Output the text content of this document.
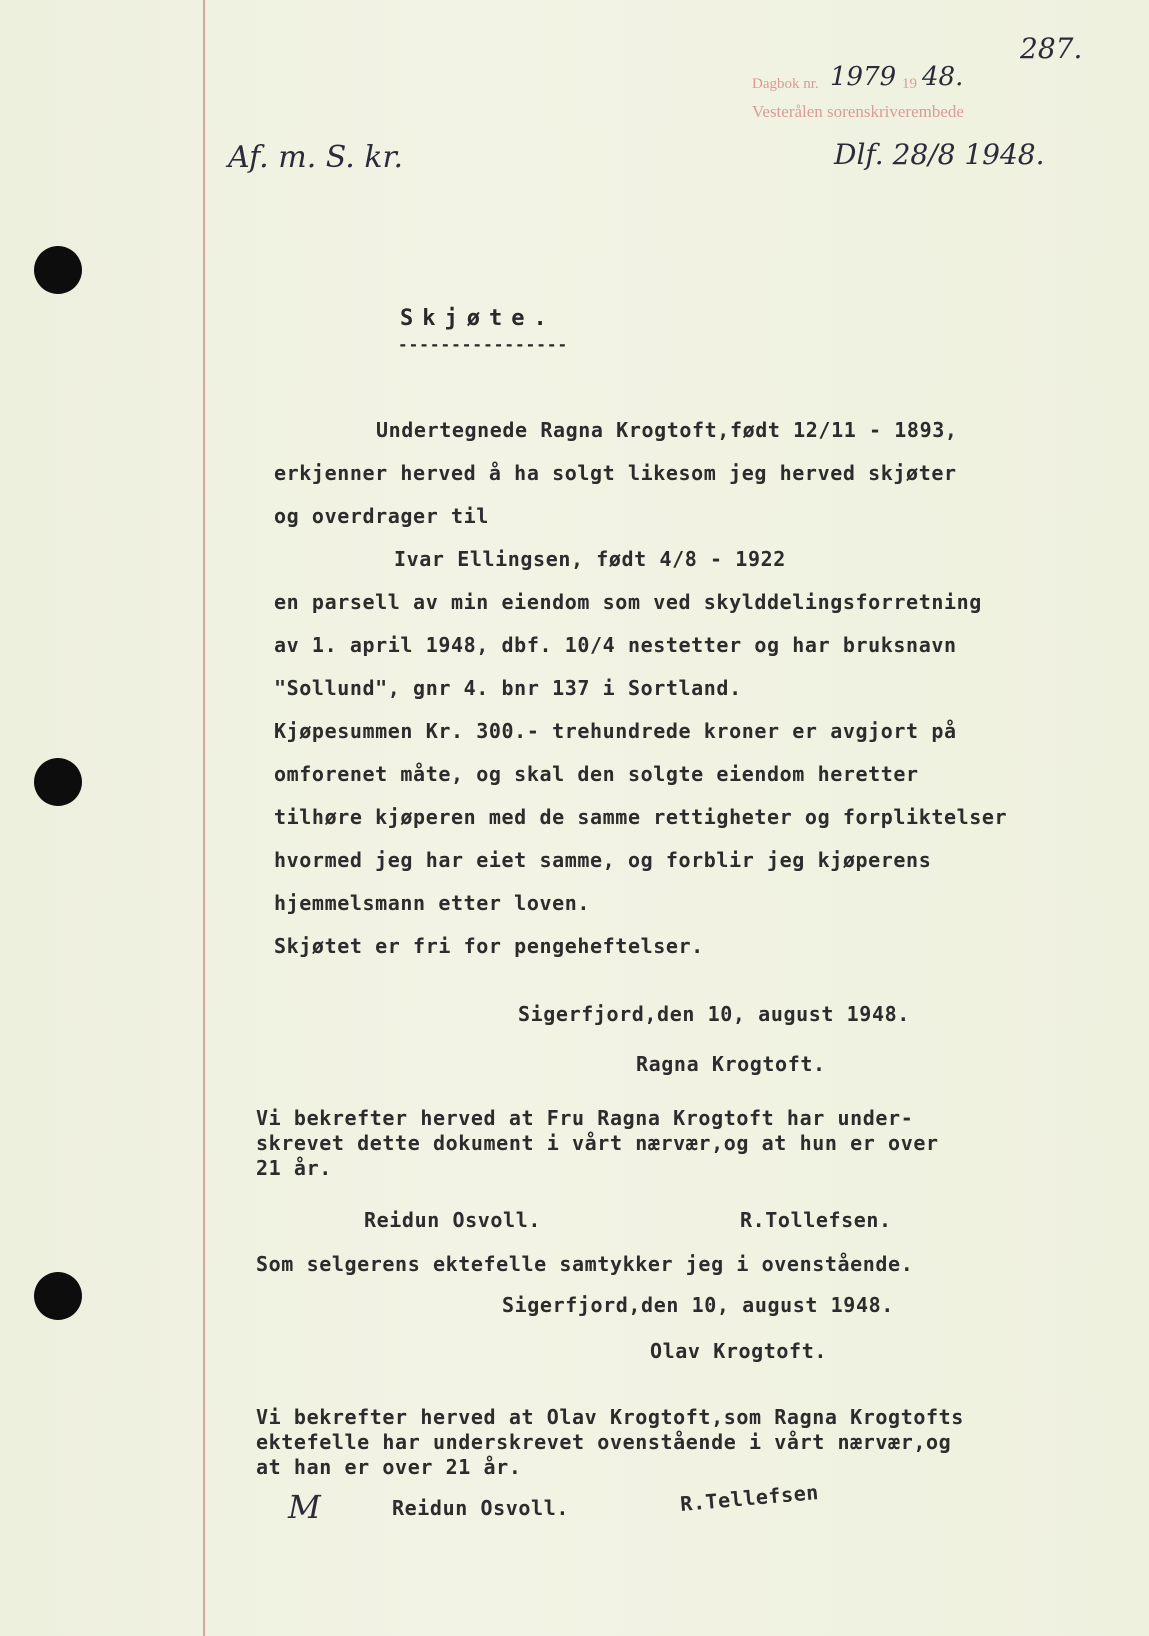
287.
Dagbok nr. 1979 19 48.
Vesterålen sorenskriverembede
Dlf. 28/8 1948.
Af. m. S. kr.
Skjøte.
----------------
Undertegnede Ragna Krogtoft,født 12/11 - 1893,
erkjenner herved å ha solgt likesom jeg herved skjøter
og overdrager til
Ivar Ellingsen, født 4/8 - 1922
en parsell av min eiendom som ved skylddelingsforretning
av 1. april 1948, dbf. 10/4 nestetter og har bruksnavn
"Sollund", gnr 4. bnr 137 i Sortland.
Kjøpesummen Kr. 300.- trehundrede kroner er avgjort på
omforenet måte, og skal den solgte eiendom heretter
tilhøre kjøperen med de samme rettigheter og forpliktelser
hvormed jeg har eiet samme, og forblir jeg kjøperens
hjemmelsmann etter loven.
Skjøtet er fri for pengeheftelser.
Sigerfjord,den 10, august 1948.
Ragna Krogtoft.
Vi bekrefter herved at Fru Ragna Krogtoft har under-
skrevet dette dokument i vårt nærvær,og at hun er over
21 år.
Reidun Osvoll.	R.Tollefsen.
Som selgerens ektefelle samtykker jeg i ovenstående.
Sigerfjord,den 10, august 1948.
Olav Krogtoft.
Vi bekrefter herved at Olav Krogtoft,som Ragna Krogtofts
ektefelle har underskrevet ovenstående i vårt nærvær,og
at han er over 21 år.
M	Reidun Osvoll.	R.Tellefsen
